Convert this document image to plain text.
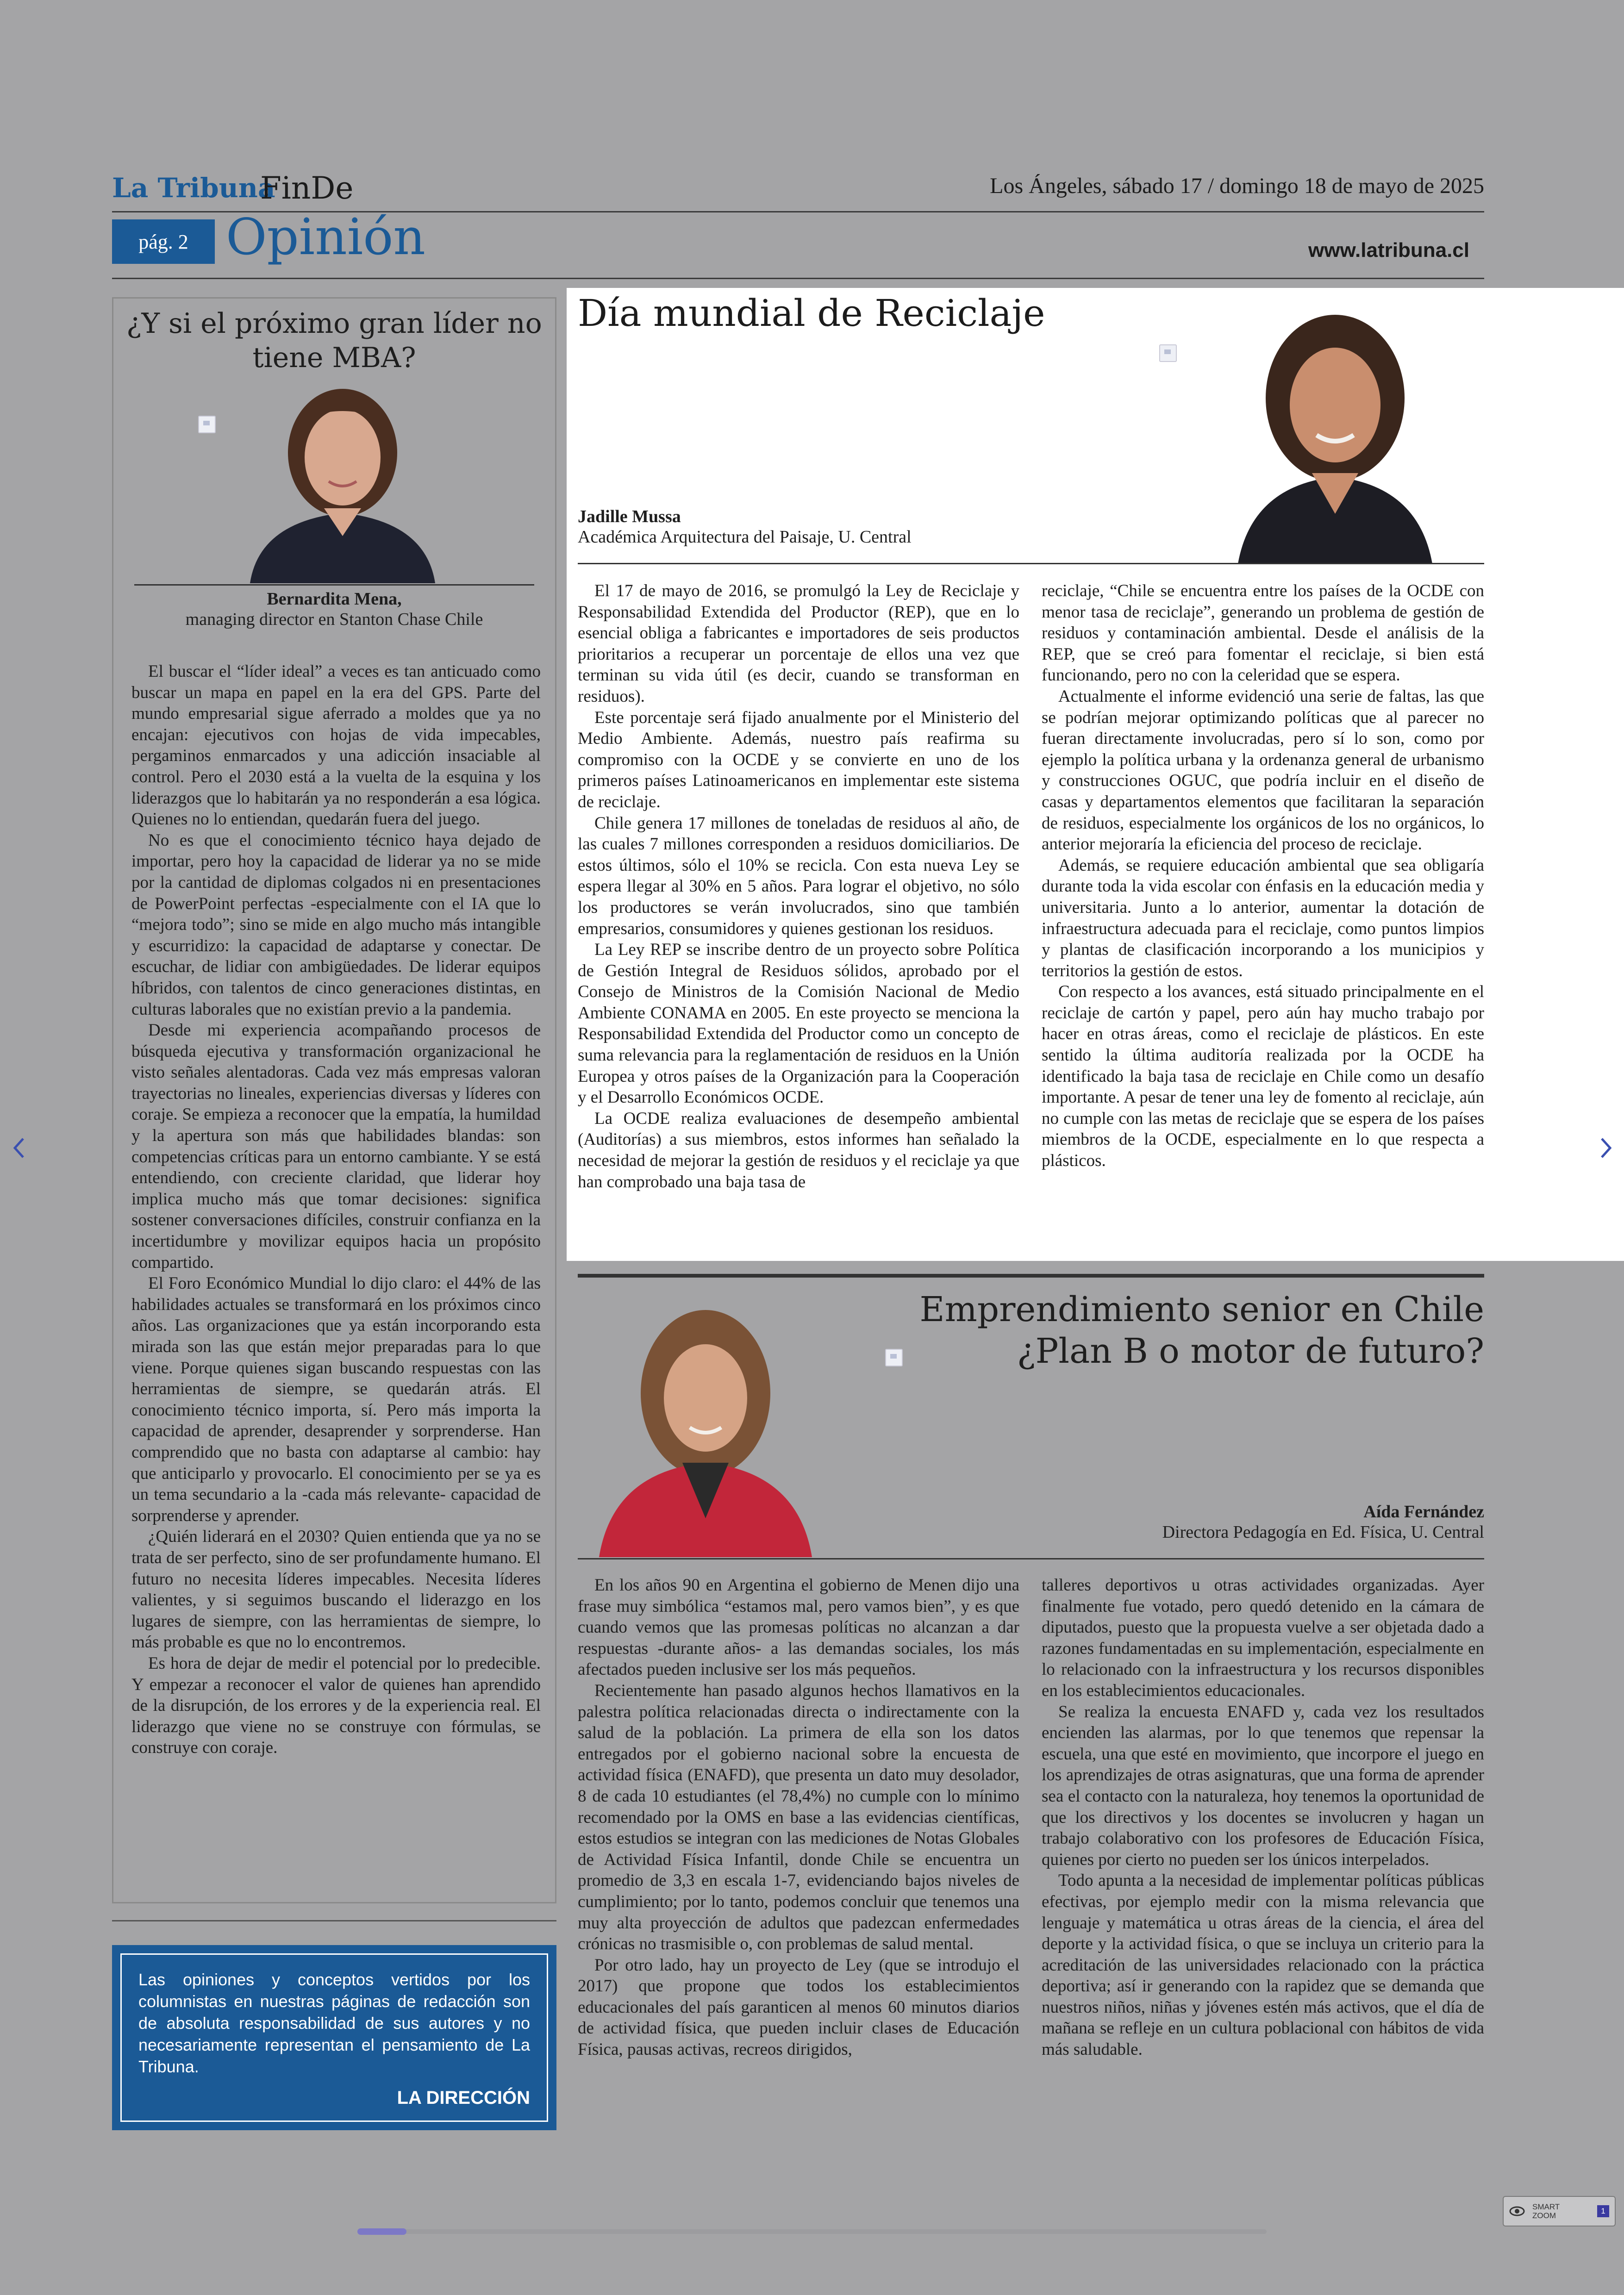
La Tribuna
FinDe	Los Ángeles, sábado 17 / domingo 18 de mayo de 2025
pág. 2 Opinión	www.latribuna.cl
¿Y si el próximo gran líder no tiene MBA?
Bernardita Mena,
managing director en Stanton Chase Chile

El buscar el “líder ideal” a veces es tan anticuado como buscar un mapa en papel en la era del GPS. Parte del mundo empresarial sigue aferrado a moldes que ya no encajan: ejecutivos con hojas de vida impecables, pergaminos enmarcados y una adicción insaciable al control. Pero el 2030 está a la vuelta de la esquina y los liderazgos que lo habitarán ya no responderán a esa lógica. Quienes no lo entiendan, quedarán fuera del juego.

No es que el conocimiento técnico haya dejado de importar, pero hoy la capacidad de liderar ya no se mide por la cantidad de diplomas colgados ni en presentaciones de PowerPoint perfectas -especialmente con el IA que lo “mejora todo”; sino se mide en algo mucho más intangible y escurridizo: la capacidad de adaptarse y conectar. De escuchar, de lidiar con ambigüedades. De liderar equipos híbridos, con talentos de cinco generaciones distintas, en culturas laborales que no existían previo a la pandemia.

Desde mi experiencia acompañando procesos de búsqueda ejecutiva y transformación organizacional he visto señales alentadoras. Cada vez más empresas valoran trayectorias no lineales, experiencias diversas y líderes con coraje. Se empieza a reconocer que la empatía, la humildad y la apertura son más que habilidades blandas: son competencias críticas para un entorno cambiante. Y se está entendiendo, con creciente claridad, que liderar hoy implica mucho más que tomar decisiones: significa sostener conversaciones difíciles, construir confianza en la incertidumbre y movilizar equipos hacia un propósito compartido.

El Foro Económico Mundial lo dijo claro: el 44% de las habilidades actuales se transformará en los próximos cinco años. Las organizaciones que ya están incorporando esta mirada son las que están mejor preparadas para lo que viene. Porque quienes sigan buscando respuestas con las herramientas de siempre, se quedarán atrás. El conocimiento técnico importa, sí. Pero más importa la capacidad de aprender, desaprender y sorprenderse. Han comprendido que no basta con adaptarse al cambio: hay que anticiparlo y provocarlo. El conocimiento per se ya es un tema secundario a la -cada más relevante- capacidad de sorprenderse y aprender.

¿Quién liderará en el 2030? Quien entienda que ya no se trata de ser perfecto, sino de ser profundamente humano. El futuro no necesita líderes impecables. Necesita líderes valientes, y si seguimos buscando el liderazgo en los lugares de siempre, con las herramientas de siempre, lo más probable es que no lo encontremos.

Es hora de dejar de medir el potencial por lo predecible. Y empezar a reconocer el valor de quienes han aprendido de la disrupción, de los errores y de la experiencia real. El liderazgo que viene no se construye con fórmulas, se construye con coraje.

Las opiniones y conceptos vertidos por los columnistas en nuestras páginas de redacción son de absoluta responsabilidad de sus autores y no necesariamente representan el pensamiento de La Tribuna.
LA DIRECCIÓN
Día mundial de Reciclaje
Jadille Mussa
Académica Arquitectura del Paisaje, U. Central

El 17 de mayo de 2016, se promulgó la Ley de Reciclaje y Responsabilidad Extendida del Productor (REP), que en lo esencial obliga a fabricantes e importadores de seis productos prioritarios a recuperar un porcentaje de ellos una vez que terminan su vida útil (es decir, cuando se transforman en residuos).

Este porcentaje será fijado anualmente por el Ministerio del Medio Ambiente. Además, nuestro país reafirma su compromiso con la OCDE y se convierte en uno de los primeros países Latinoamericanos en implementar este sistema de reciclaje.

Chile genera 17 millones de toneladas de residuos al año, de las cuales 7 millones corresponden a residuos domiciliarios. De estos últimos, sólo el 10% se recicla. Con esta nueva Ley se espera llegar al 30% en 5 años. Para lograr el objetivo, no sólo los productores se verán involucrados, sino que también empresarios, consumidores y quienes gestionan los residuos.

La Ley REP se inscribe dentro de un proyecto sobre Política de Gestión Integral de Residuos sólidos, aprobado por el Consejo de Ministros de la Comisión Nacional de Medio Ambiente CONAMA en 2005. En este proyecto se menciona la Responsabilidad Extendida del Productor como un concepto de suma relevancia para la reglamentación de residuos en la Unión Europea y otros países de la Organización para la Cooperación y el Desarrollo Económicos OCDE.

La OCDE realiza evaluaciones de desempeño ambiental (Auditorías) a sus miembros, estos informes han señalado la necesidad de mejorar la gestión de residuos y el reciclaje ya que han comprobado una baja tasa de

reciclaje, “Chile se encuentra entre los países de la OCDE con menor tasa de reciclaje”, generando un problema de gestión de residuos y contaminación ambiental. Desde el análisis de la REP, que se creó para fomentar el reciclaje, si bien está funcionando, pero no con la celeridad que se espera.

Actualmente el informe evidenció una serie de faltas, las que se podrían mejorar optimizando políticas que al parecer no fueran directamente involucradas, pero sí lo son, como por ejemplo la política urbana y la ordenanza general de urbanismo y construcciones OGUC, que podría incluir en el diseño de casas y departamentos elementos que facilitaran la separación de residuos, especialmente los orgánicos de los no orgánicos, lo anterior mejoraría la eficiencia del proceso de reciclaje.

Además, se requiere educación ambiental que sea obligaría durante toda la vida escolar con énfasis en la educación media y universitaria. Junto a lo anterior, aumentar la dotación de infraestructura adecuada para el reciclaje, como puntos limpios y plantas de clasificación incorporando a los municipios y territorios la gestión de estos.

Con respecto a los avances, está situado principalmente en el reciclaje de cartón y papel, pero aún hay mucho trabajo por hacer en otras áreas, como el reciclaje de plásticos. En este sentido la última auditoría realizada por la OCDE ha identificado la baja tasa de reciclaje en Chile como un desafío importante. A pesar de tener una ley de fomento al reciclaje, aún no cumple con las metas de reciclaje que se espera de los países miembros de la OCDE, especialmente en lo que respecta a plásticos.

Emprendimiento senior en Chile
¿Plan B o motor de futuro?
Aída Fernández
Directora Pedagogía en Ed. Física, U. Central

En los años 90 en Argentina el gobierno de Menen dijo una frase muy simbólica “estamos mal, pero vamos bien”, y es que cuando vemos que las promesas políticas no alcanzan a dar respuestas -durante años- a las demandas sociales, los más afectados pueden inclusive ser los más pequeños.

Recientemente han pasado algunos hechos llamativos en la palestra política relacionadas directa o indirectamente con la salud de la población. La primera de ella son los datos entregados por el gobierno nacional sobre la encuesta de actividad física (ENAFD), que presenta un dato muy desolador, 8 de cada 10 estudiantes (el 78,4%) no cumple con lo mínimo recomendado por la OMS en base a las evidencias científicas, estos estudios se integran con las mediciones de Notas Globales de Actividad Física Infantil, donde Chile se encuentra un promedio de 3,3 en escala 1-7, evidenciando bajos niveles de cumplimiento; por lo tanto, podemos concluir que tenemos una muy alta proyección de adultos que padezcan enfermedades crónicas no trasmisible o, con problemas de salud mental.

Por otro lado, hay un proyecto de Ley (que se introdujo el 2017) que propone que todos los establecimientos educacionales del país garanticen al menos 60 minutos diarios de actividad física, que pueden incluir clases de Educación Física, pausas activas, recreos dirigidos,

talleres deportivos u otras actividades organizadas. Ayer finalmente fue votado, pero quedó detenido en la cámara de diputados, puesto que la propuesta vuelve a ser objetada dado a razones fundamentadas en su implementación, especialmente en lo relacionado con la infraestructura y los recursos disponibles en los establecimientos educacionales.

Se realiza la encuesta ENAFD y, cada vez los resultados encienden las alarmas, por lo que tenemos que repensar la escuela, una que esté en movimiento, que incorpore el juego en los aprendizajes de otras asignaturas, que una forma de aprender sea el contacto con la naturaleza, hoy tenemos la oportunidad de que los directivos y los docentes se involucren y hagan un trabajo colaborativo con los profesores de Educación Física, quienes por cierto no pueden ser los únicos interpelados.

Todo apunta a la necesidad de implementar políticas públicas efectivas, por ejemplo medir con la misma relevancia que lenguaje y matemática u otras áreas de la ciencia, el área del deporte y la actividad física, o que se incluya un criterio para la acreditación de las universidades relacionado con la práctica deportiva; así ir generando con la rapidez que se demanda que nuestros niños, niñas y jóvenes estén más activos, que el día de mañana se refleje en un cultura poblacional con hábitos de vida más saludable.

SMART
ZOOM
1
